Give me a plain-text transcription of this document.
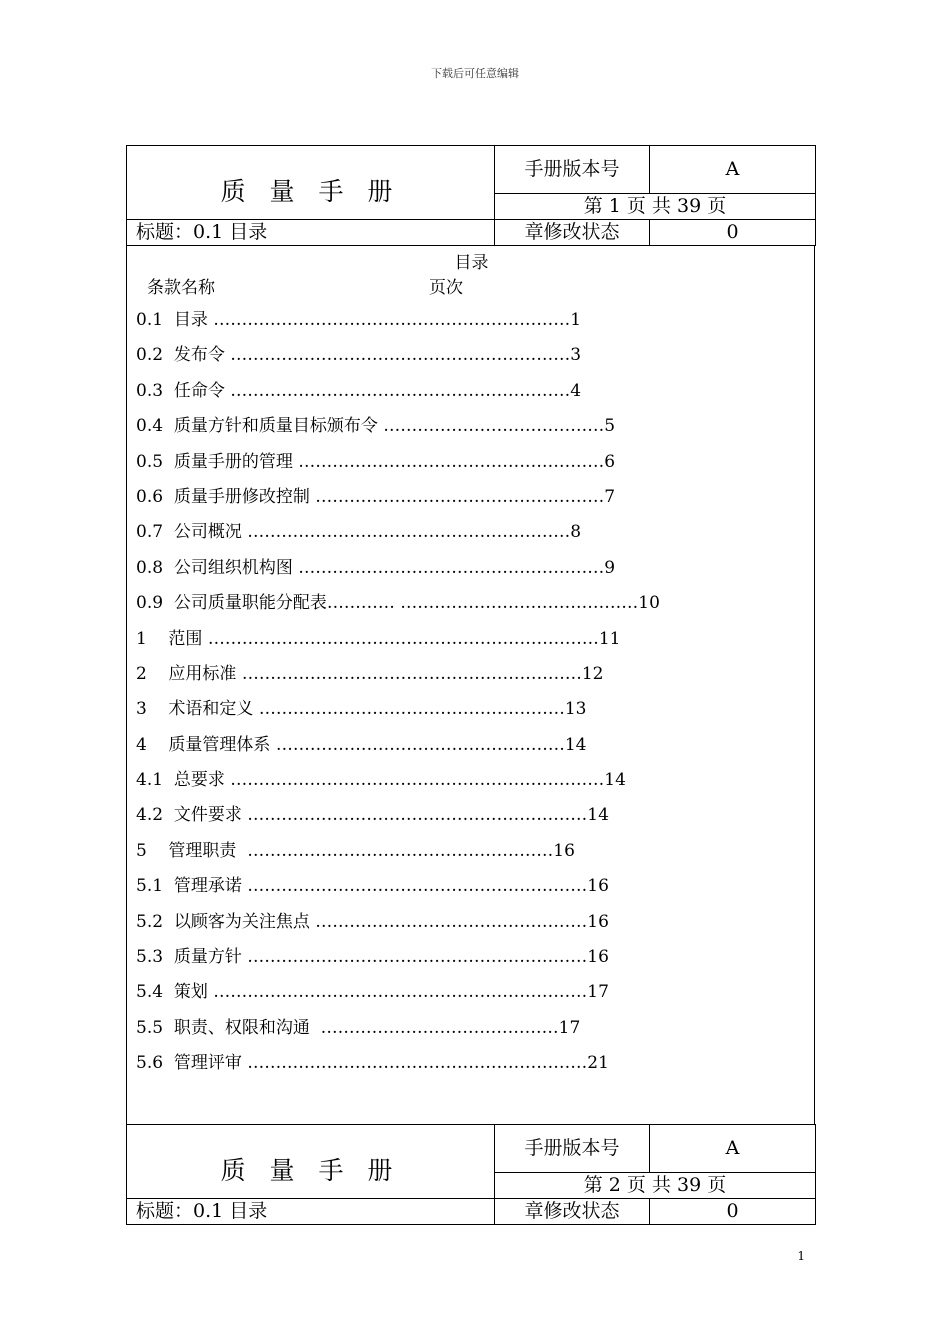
下载后可任意编辑
质 量 手 册	手册版本号	A
	第 1 页 共 39 页	
标题：0.1 目录	章修改状态	0
目录
条款名称	页次
0.1  目录 ………………………………………………………1
0.2  发布令 ……………………………………………………3
0.3  任命令 ……………………………………………………4
0.4  质量方针和质量目标颁布令 …………………………………5
0.5  质量手册的管理 ………………………………………………6
0.6  质量手册修改控制 ……………………………………………7
0.7  公司概况 …………………………………………………8
0.8  公司组织机构图 ………………………………………………9
0.9  公司质量职能分配表………… ……………………………………10
1    范围 ……………………………………………………………11
2    应用标准 ……………………………………………………12
3    术语和定义 ………………………………………………13
4    质量管理体系 ……………………………………………14
4.1  总要求 …………………………………………………………14
4.2  文件要求 ……………………………………………………14
5    管理职责  ………………………………………………16
5.1  管理承诺 ……………………………………………………16
5.2  以顾客为关注焦点 …………………………………………16
5.3  质量方针 ……………………………………………………16
5.4  策划 …………………………………………………………17
5.5  职责、权限和沟通  ……………………………………17
5.6  管理评审 ……………………………………………………21
质 量 手 册	手册版本号	A
	第 2 页 共 39 页	
标题：0.1 目录	章修改状态	0
1
